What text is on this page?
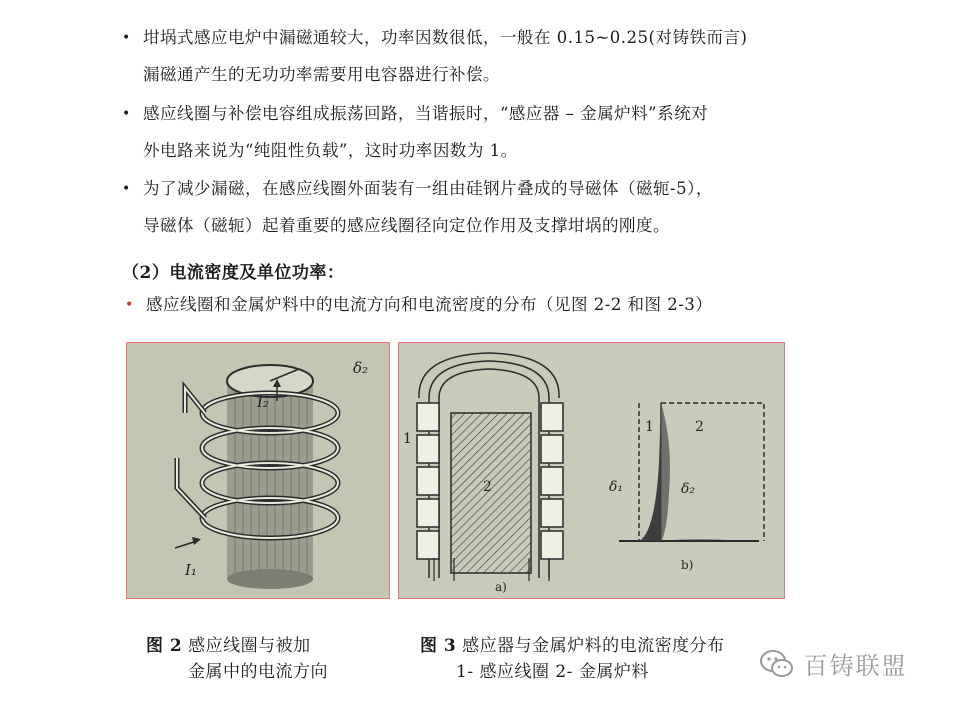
• 坩埚式感应电炉中漏磁通较大，功率因数很低，一般在 0.15~0.25(对铸铁而言)
漏磁通产生的无功功率需要用电容器进行补偿。
• 感应线圈与补偿电容组成振荡回路，当谐振时，“感应器 – 金属炉料”系统对
外电路来说为“纯阻性负载”，这时功率因数为 1。
• 为了减少漏磁，在感应线圈外面装有一组由硅钢片叠成的导磁体（磁轭-5），
导磁体（磁轭）起着重要的感应线圈径向定位作用及支撑坩埚的刚度。
（2）电流密度及单位功率：
• 感应线圈和金属炉料中的电流方向和电流密度的分布（见图 2-2 和图 2-3）
δ₂
I₂
I₁
1
2
a)
b)
1	2
δ₁	δ₂
图 2 感应线圈与被加
金属中的电流方向
图 3 感应器与金属炉料的电流密度分布
1- 感应线圈 2- 金属炉料	百铸联盟
